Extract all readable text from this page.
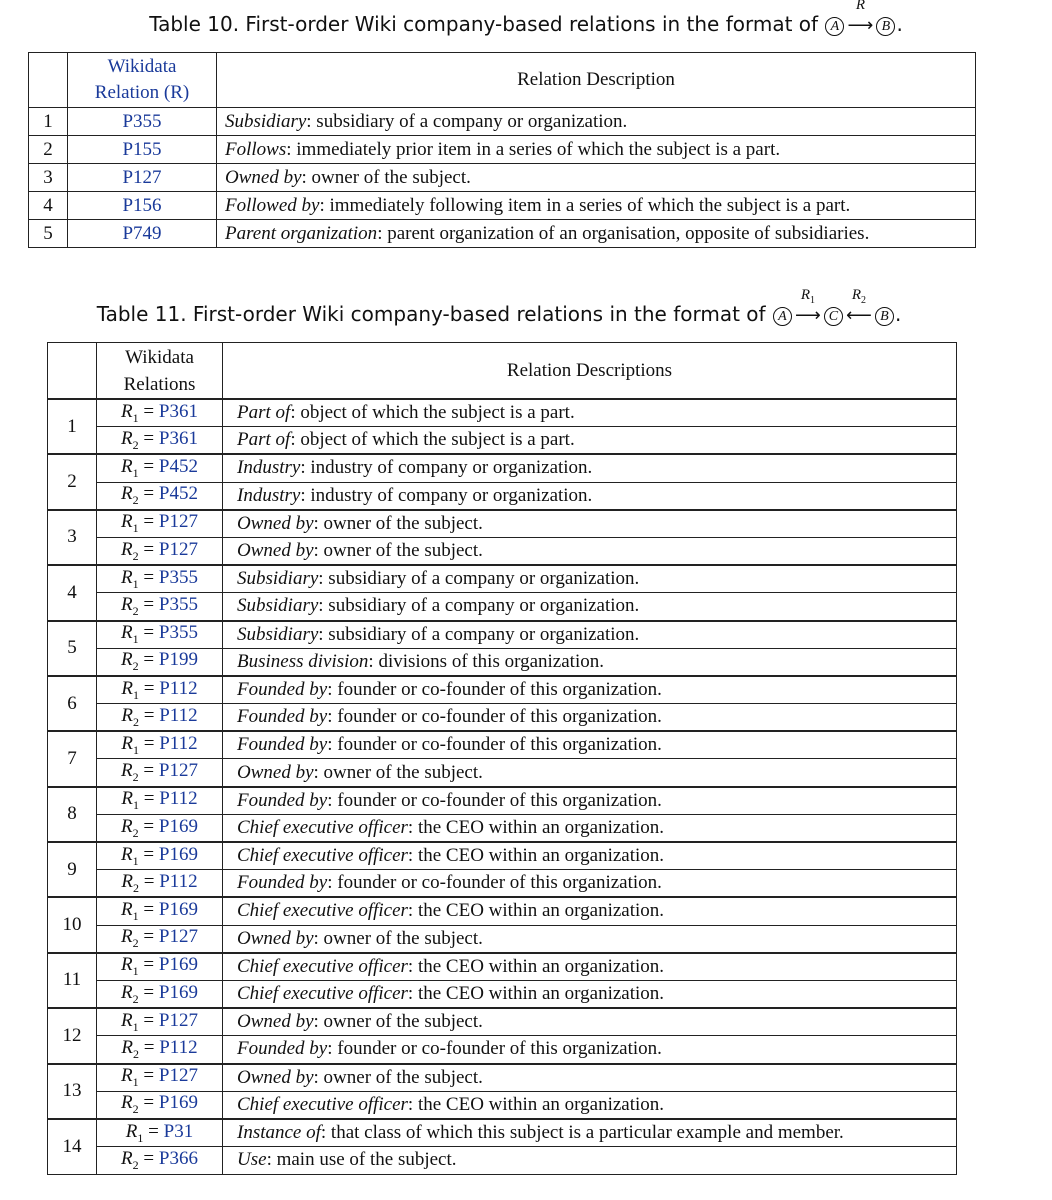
Table 10. First-order Wiki company-based relations in the format of A
R
⟶ B .

	Wikidata
Relation (R)	Relation Description
1	P355	Subsidiary: subsidiary of a company or organization.
2	P155	Follows: immediately prior item in a series of which the subject is a part.
3	P127	Owned by: owner of the subject.
4	P156	Followed by: immediately following item in a series of which the subject is a part.
5	P749	Parent organization: parent organization of an organisation, opposite of subsidiaries.
Table 11. First-order Wiki company-based relations in the format of A
$R_1$
⟶ C
$R_2$
⟵ B .

	Wikidata
Relations	Relation Descriptions
1	$R_1 = P361$	Part of: object of which the subject is a part.
	$R_2 = P361$	Part of: object of which the subject is a part.
2	$R_1 = P452$	Industry: industry of company or organization.
	$R_2 = P452$	Industry: industry of company or organization.
3	$R_1 = P127$	Owned by: owner of the subject.
	$R_2 = P127$	Owned by: owner of the subject.
4	$R_1 = P355$	Subsidiary: subsidiary of a company or organization.
	$R_2 = P355$	Subsidiary: subsidiary of a company or organization.
5	$R_1 = P355$	Subsidiary: subsidiary of a company or organization.
	$R_2 = P199$	Business division: divisions of this organization.
6	$R_1 = P112$	Founded by: founder or co-founder of this organization.
	$R_2 = P112$	Founded by: founder or co-founder of this organization.
7	$R_1 = P112$	Founded by: founder or co-founder of this organization.
	$R_2 = P127$	Owned by: owner of the subject.
8	$R_1 = P112$	Founded by: founder or co-founder of this organization.
	$R_2 = P169$	Chief executive officer: the CEO within an organization.
9	$R_1 = P169$	Chief executive officer: the CEO within an organization.
	$R_2 = P112$	Founded by: founder or co-founder of this organization.
10	$R_1 = P169$	Chief executive officer: the CEO within an organization.
	$R_2 = P127$	Owned by: owner of the subject.
11	$R_1 = P169$	Chief executive officer: the CEO within an organization.
	$R_2 = P169$	Chief executive officer: the CEO within an organization.
12	$R_1 = P127$	Owned by: owner of the subject.
	$R_2 = P112$	Founded by: founder or co-founder of this organization.
13	$R_1 = P127$	Owned by: owner of the subject.
	$R_2 = P169$	Chief executive officer: the CEO within an organization.
14	$R_1 = P31$	Instance of: that class of which this subject is a particular example and member.
	$R_2 = P366$	Use: main use of the subject.
